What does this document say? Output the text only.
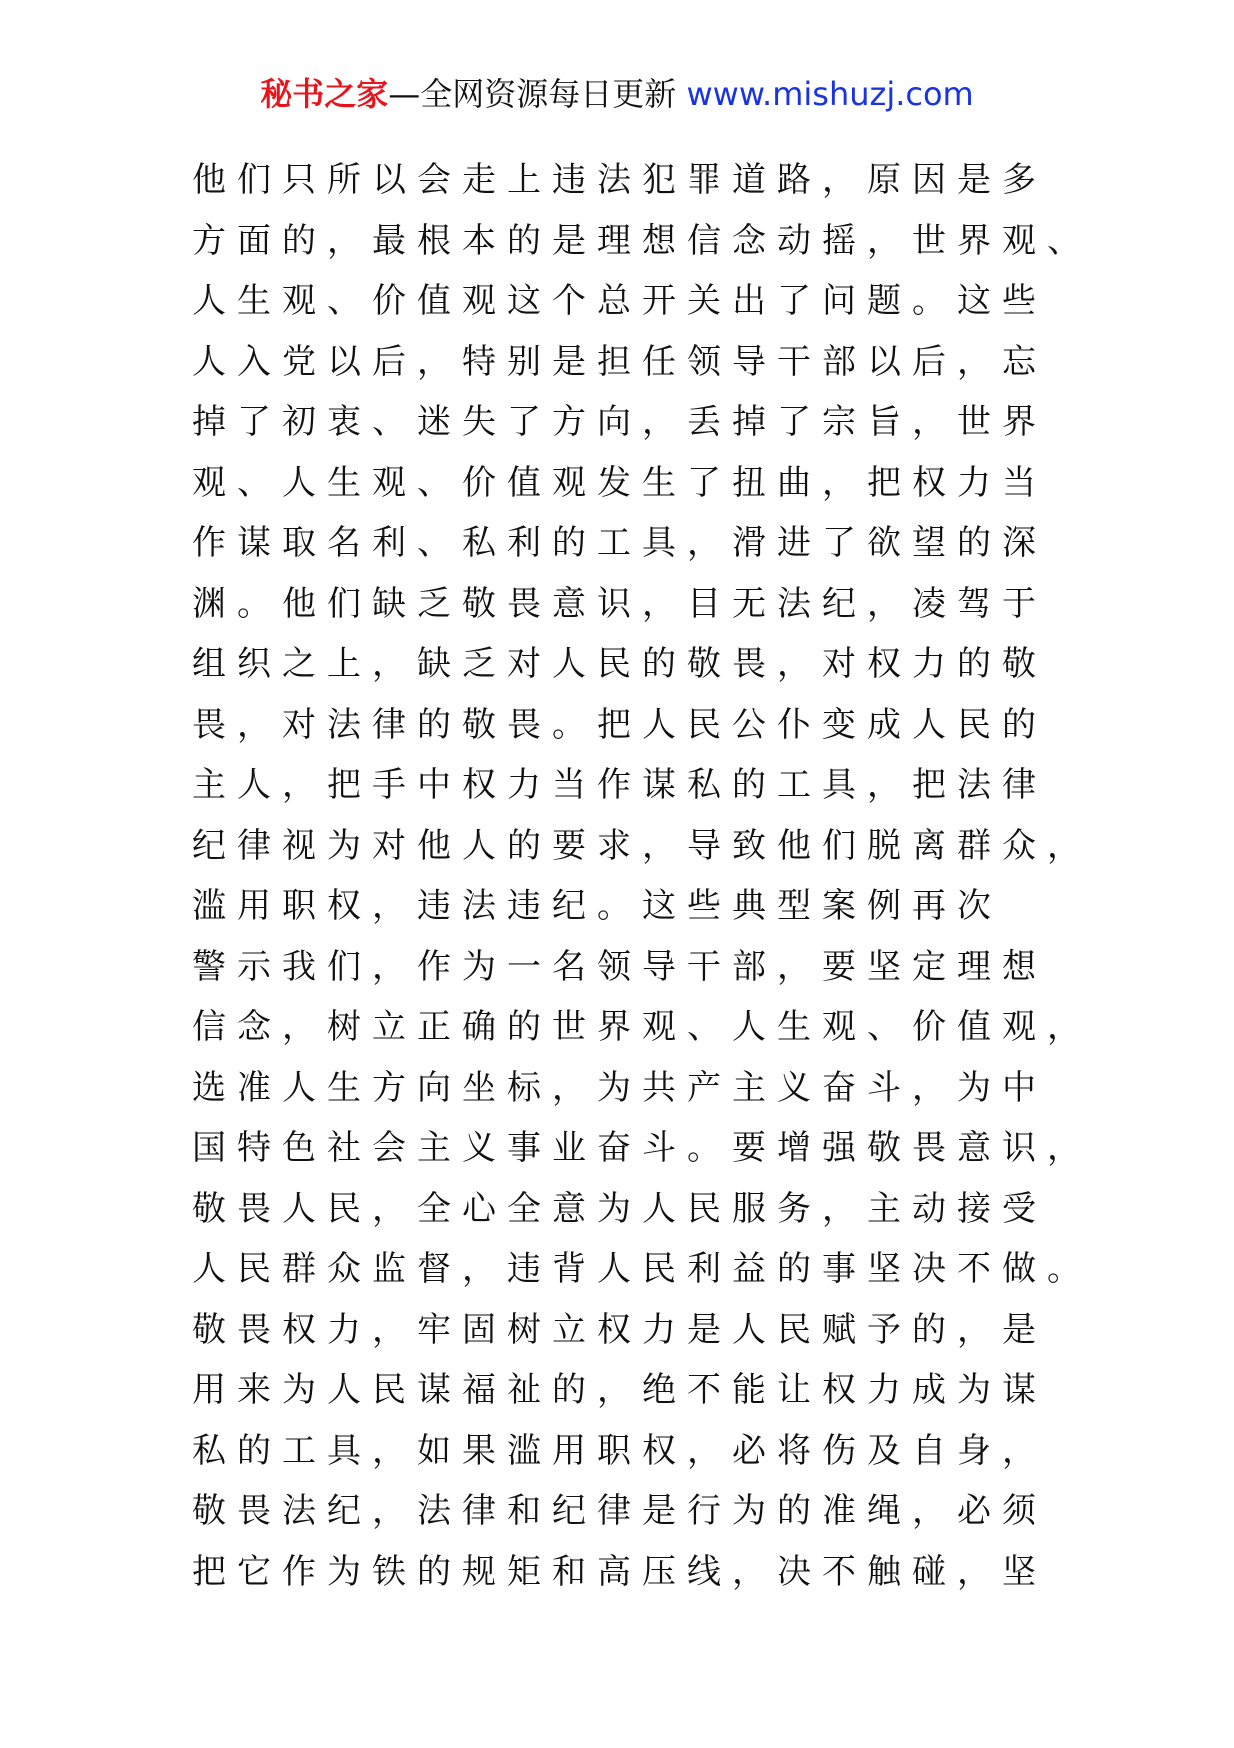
秘书之家—全网资源每日更新 www.mishuzj.com
他们只所以会走上违法犯罪道路，原因是多
方面的，最根本的是理想信念动摇，世界观、
人生观、价值观这个总开关出了问题。这些
人入党以后，特别是担任领导干部以后，忘
掉了初衷、迷失了方向，丢掉了宗旨，世界
观、人生观、价值观发生了扭曲，把权力当
作谋取名利、私利的工具，滑进了欲望的深
渊。他们缺乏敬畏意识，目无法纪，凌驾于
组织之上，缺乏对人民的敬畏，对权力的敬
畏，对法律的敬畏。把人民公仆变成人民的
主人，把手中权力当作谋私的工具，把法律
纪律视为对他人的要求，导致他们脱离群众，
滥用职权，违法违纪。这些典型案例再次
警示我们，作为一名领导干部，要坚定理想
信念，树立正确的世界观、人生观、价值观，
选准人生方向坐标，为共产主义奋斗，为中
国特色社会主义事业奋斗。要增强敬畏意识，
敬畏人民，全心全意为人民服务，主动接受
人民群众监督，违背人民利益的事坚决不做。
敬畏权力，牢固树立权力是人民赋予的，是
用来为人民谋福祉的，绝不能让权力成为谋
私的工具，如果滥用职权，必将伤及自身，
敬畏法纪，法律和纪律是行为的准绳，必须
把它作为铁的规矩和高压线，决不触碰，坚
